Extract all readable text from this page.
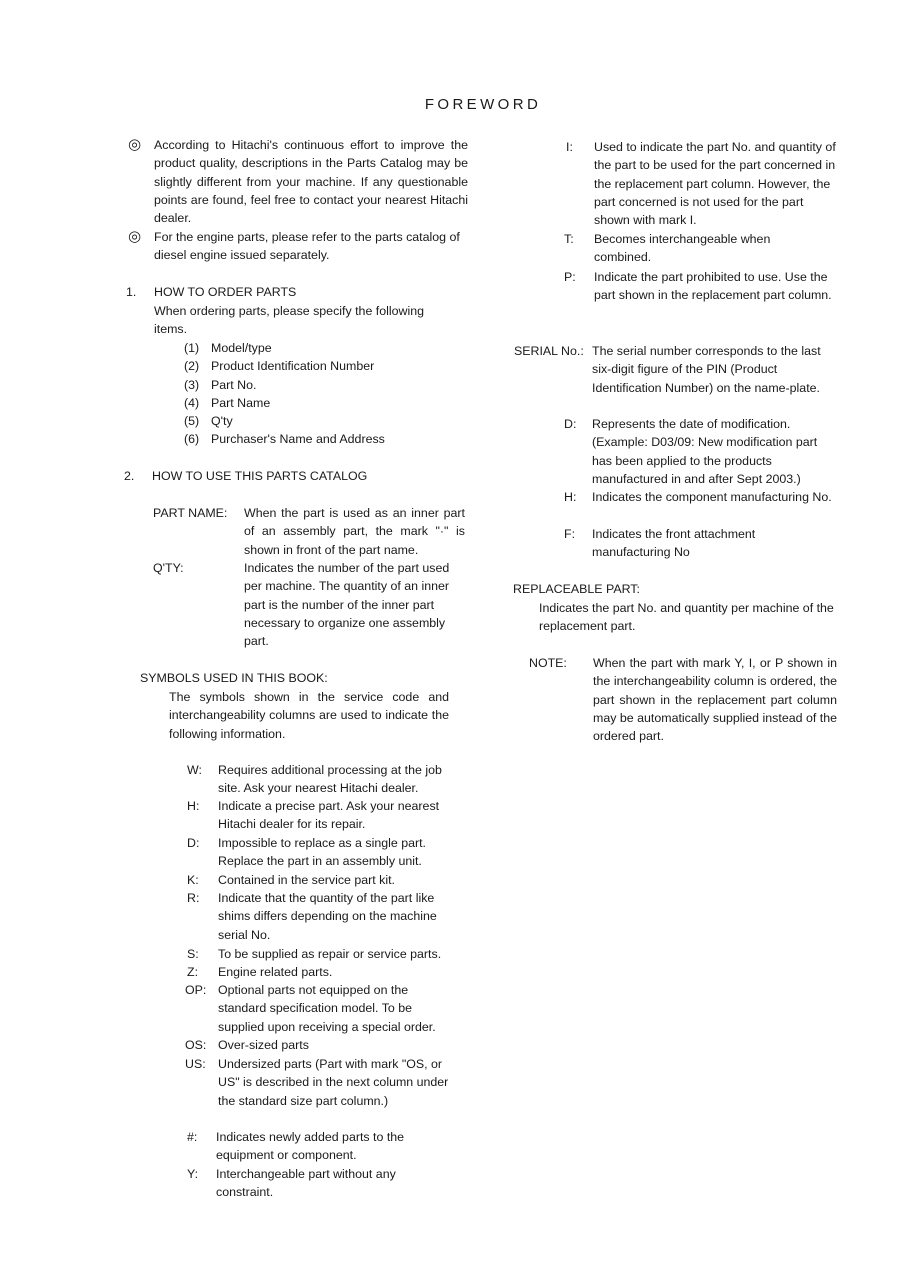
FOREWORD
◎ According to Hitachi's continuous effort to improve the product quality, descriptions in the Parts Catalog may be slightly different from your machine. If any questionable points are found, feel free to contact your nearest Hitachi dealer.

◎ For the engine parts, please refer to the parts catalog of diesel engine issued separately.

1. HOW TO ORDER PARTS

When ordering parts, please specify the following items.

(1) Model/type
(2) Product Identification Number
(3) Part No.
(4) Part Name
(5) Q'ty
(6) Purchaser's Name and Address
2. HOW TO USE THIS PARTS CATALOG
PART NAME: When the part is used as an inner part of an assembly part, the mark "·" is shown in front of the part name.

Q'TY:	Indicates the number of the part used per machine. The quantity of an inner part is the number of the inner part necessary to organize one assembly part.

SYMBOLS USED IN THIS BOOK:

The symbols shown in the service code and interchangeability columns are used to indicate the following information.

W: Requires additional processing at the job site. Ask your nearest Hitachi dealer.

H: Indicate a precise part. Ask your nearest Hitachi dealer for its repair.

D: Impossible to replace as a single part. Replace the part in an assembly unit.

K: Contained in the service part kit.

R: Indicate that the quantity of the part like shims differs depending on the machine serial No.

S: To be supplied as repair or service parts.

Z: Engine related parts.

OP: Optional parts not equipped on the standard specification model. To be supplied upon receiving a special order.

OS: Over-sized parts

US: Undersized parts (Part with mark "OS, or US" is described in the next column under the standard size part column.)

#: Indicates newly added parts to the equipment or component.

Y: Interchangeable part without any constraint.

I: Used to indicate the part No. and quantity of the part to be used for the part concerned in the replacement part column. However, the part concerned is not used for the part shown with mark I.

T: Becomes interchangeable when combined.

P: Indicate the part prohibited to use. Use the part shown in the replacement part column.

SERIAL No.: The serial number corresponds to the last six-digit figure of the PIN (Product Identification Number) on the name-plate.

D: Represents the date of modification. (Example: D03/09: New modification part has been applied to the products manufactured in and after Sept 2003.)

H: Indicates the component manufacturing No.

F: Indicates the front attachment manufacturing No

REPLACEABLE PART:

Indicates the part No. and quantity per machine of the replacement part.

NOTE: When the part with mark Y, I, or P shown in the interchangeability column is ordered, the part shown in the replacement part column may be automatically supplied instead of the ordered part.
